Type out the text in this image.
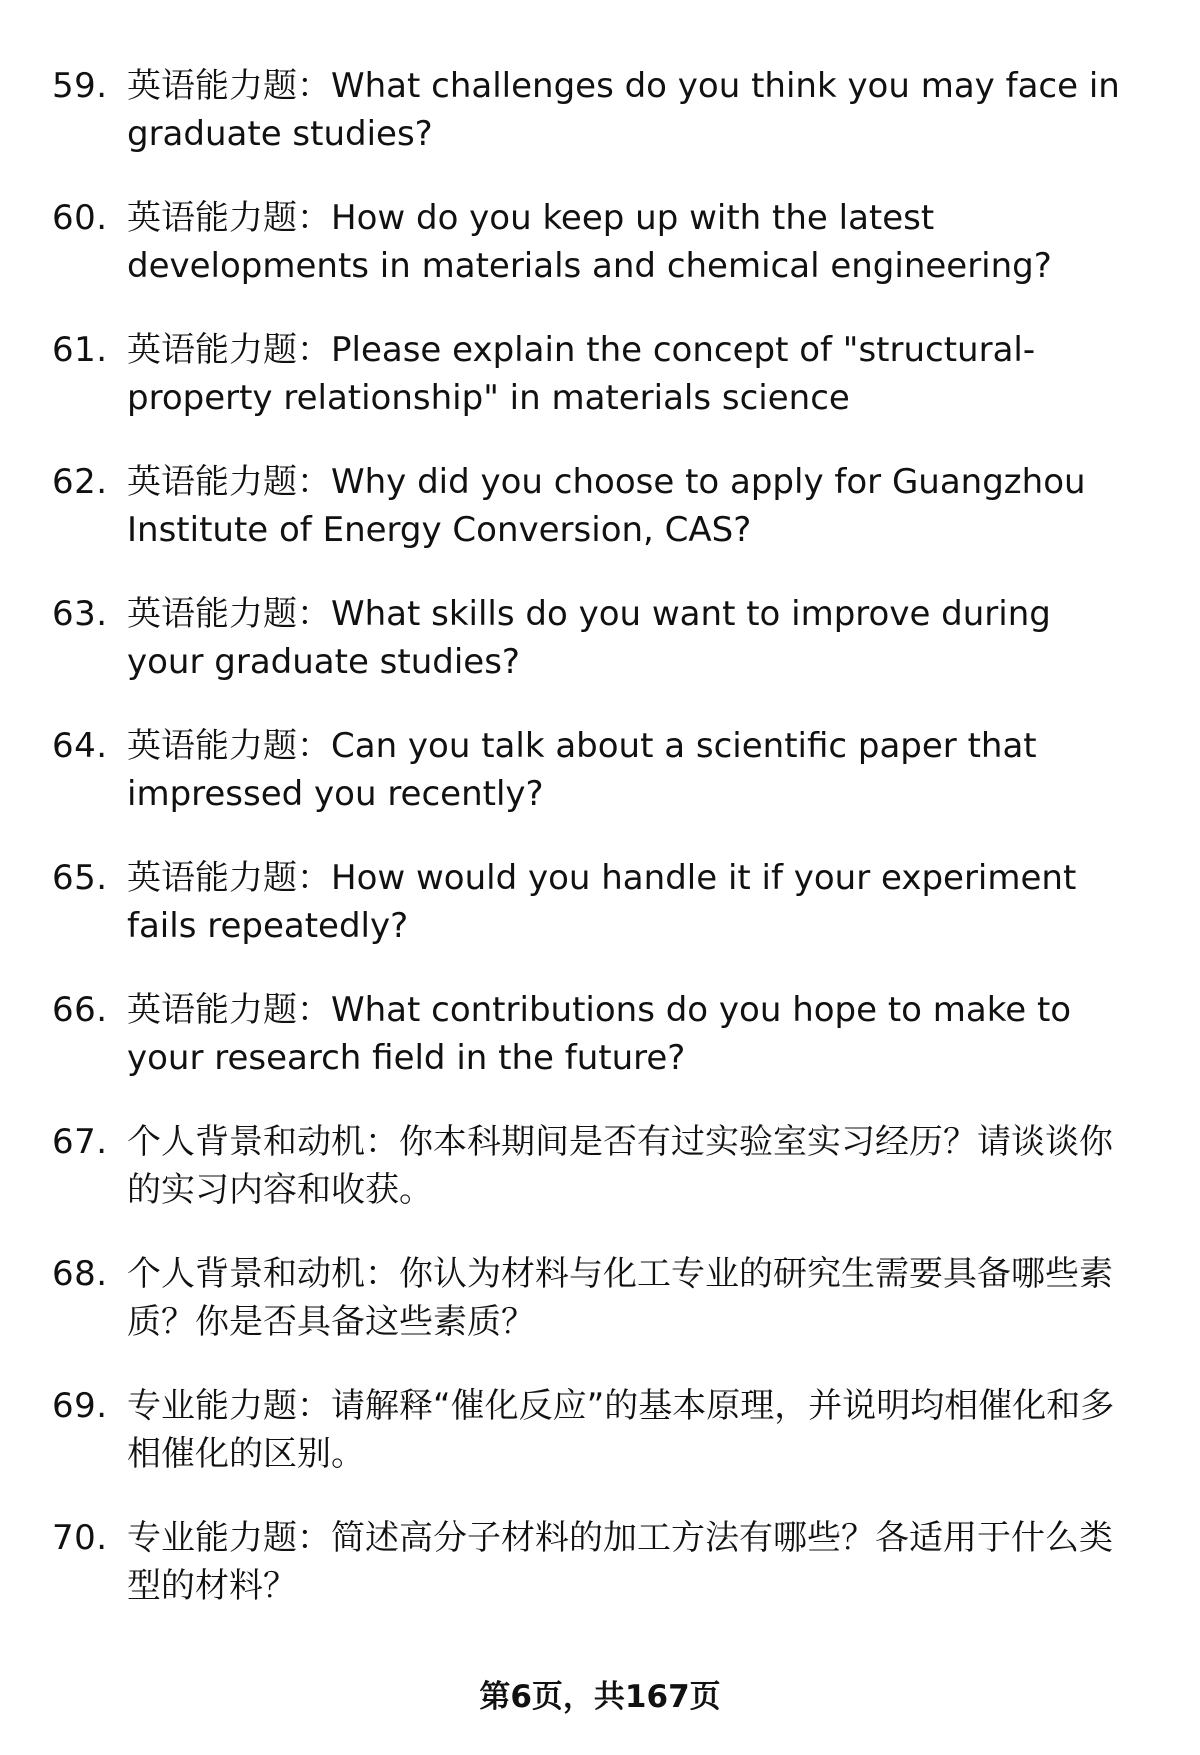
59. 英语能力题：What challenges do you think you may face in graduate studies?
60. 英语能力题：How do you keep up with the latest developments in materials and chemical engineering?
61. 英语能力题：Please explain the concept of "structural-property relationship" in materials science
62. 英语能力题：Why did you choose to apply for Guangzhou Institute of Energy Conversion, CAS?
63. 英语能力题：What skills do you want to improve during your graduate studies?
64. 英语能力题：Can you talk about a scientific paper that impressed you recently?
65. 英语能力题：How would you handle it if your experiment fails repeatedly?
66. 英语能力题：What contributions do you hope to make to your research field in the future?
67. 个人背景和动机：你本科期间是否有过实验室实习经历？请谈谈你的实习内容和收获。
68. 个人背景和动机：你认为材料与化工专业的研究生需要具备哪些素质？你是否具备这些素质？
69. 专业能力题：请解释“催化反应”的基本原理，并说明均相催化和多相催化的区别。
70. 专业能力题：简述高分子材料的加工方法有哪些？各适用于什么类型的材料？
第6页，共167页
